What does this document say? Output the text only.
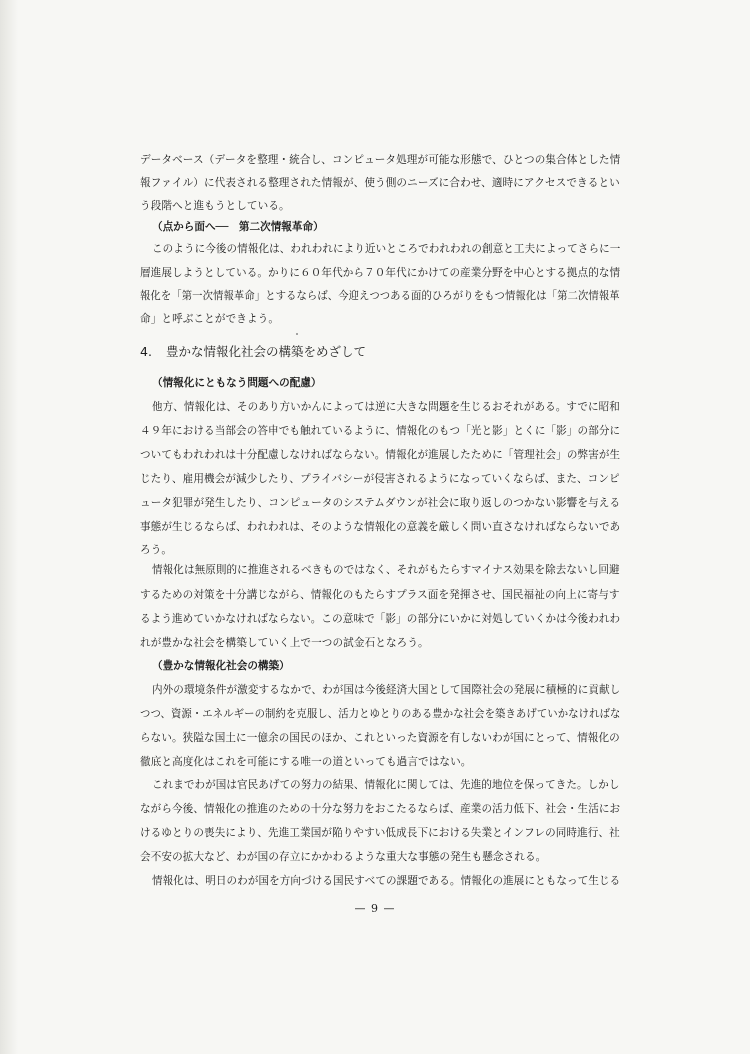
データベース（データを整理・統合し、コンピュータ処理が可能な形態で、ひとつの集合体とした情
報ファイル）に代表される整理された情報が、使う側のニーズに合わせ、適時にアクセスできるとい
う段階へと進もうとしている。
（点から面へ──　第二次情報革命）
このように今後の情報化は、われわれにより近いところでわれわれの創意と工夫によってさらに一
層進展しようとしている。かりに６０年代から７０年代にかけての産業分野を中心とする拠点的な情
報化を「第一次情報革命」とするならば、今迎えつつある面的ひろがりをもつ情報化は「第二次情報革
命」と呼ぶことができよう。
4. 豊かな情報化社会の構築をめざして
（情報化にともなう問題への配慮）
他方、情報化は、そのあり方いかんによっては逆に大きな問題を生じるおそれがある。すでに昭和
４９年における当部会の答申でも触れているように、情報化のもつ「光と影」とくに「影」の部分に
ついてもわれわれは十分配慮しなければならない。情報化が進展したために「管理社会」の弊害が生
じたり、雇用機会が減少したり、プライバシーが侵害されるようになっていくならば、また、コンピ
ュータ犯罪が発生したり、コンピュータのシステムダウンが社会に取り返しのつかない影響を与える
事態が生じるならば、われわれは、そのような情報化の意義を厳しく問い直さなければならないであ
ろう。
情報化は無原則的に推進されるべきものではなく、それがもたらすマイナス効果を除去ないし回避
するための対策を十分講じながら、情報化のもたらすプラス面を発揮させ、国民福祉の向上に寄与す
るよう進めていかなければならない。この意味で「影」の部分にいかに対処していくかは今後われわ
れが豊かな社会を構築していく上で一つの試金石となろう。
（豊かな情報化社会の構築）
内外の環境条件が激変するなかで、わが国は今後経済大国として国際社会の発展に積極的に貢献し
つつ、資源・エネルギーの制約を克服し、活力とゆとりのある豊かな社会を築きあげていかなければな
らない。狭隘な国土に一億余の国民のほか、これといった資源を有しないわが国にとって、情報化の
徹底と高度化はこれを可能にする唯一の道といっても過言ではない。
これまでわが国は官民あげての努力の結果、情報化に関しては、先進的地位を保ってきた。しかし
ながら今後、情報化の推進のための十分な努力をおこたるならば、産業の活力低下、社会・生活にお
けるゆとりの喪失により、先進工業国が陥りやすい低成長下における失業とインフレの同時進行、社
会不安の拡大など、わが国の存立にかかわるような重大な事態の発生も懸念される。
情報化は、明日のわが国を方向づける国民すべての課題である。情報化の進展にともなって生じる
— 9 —
